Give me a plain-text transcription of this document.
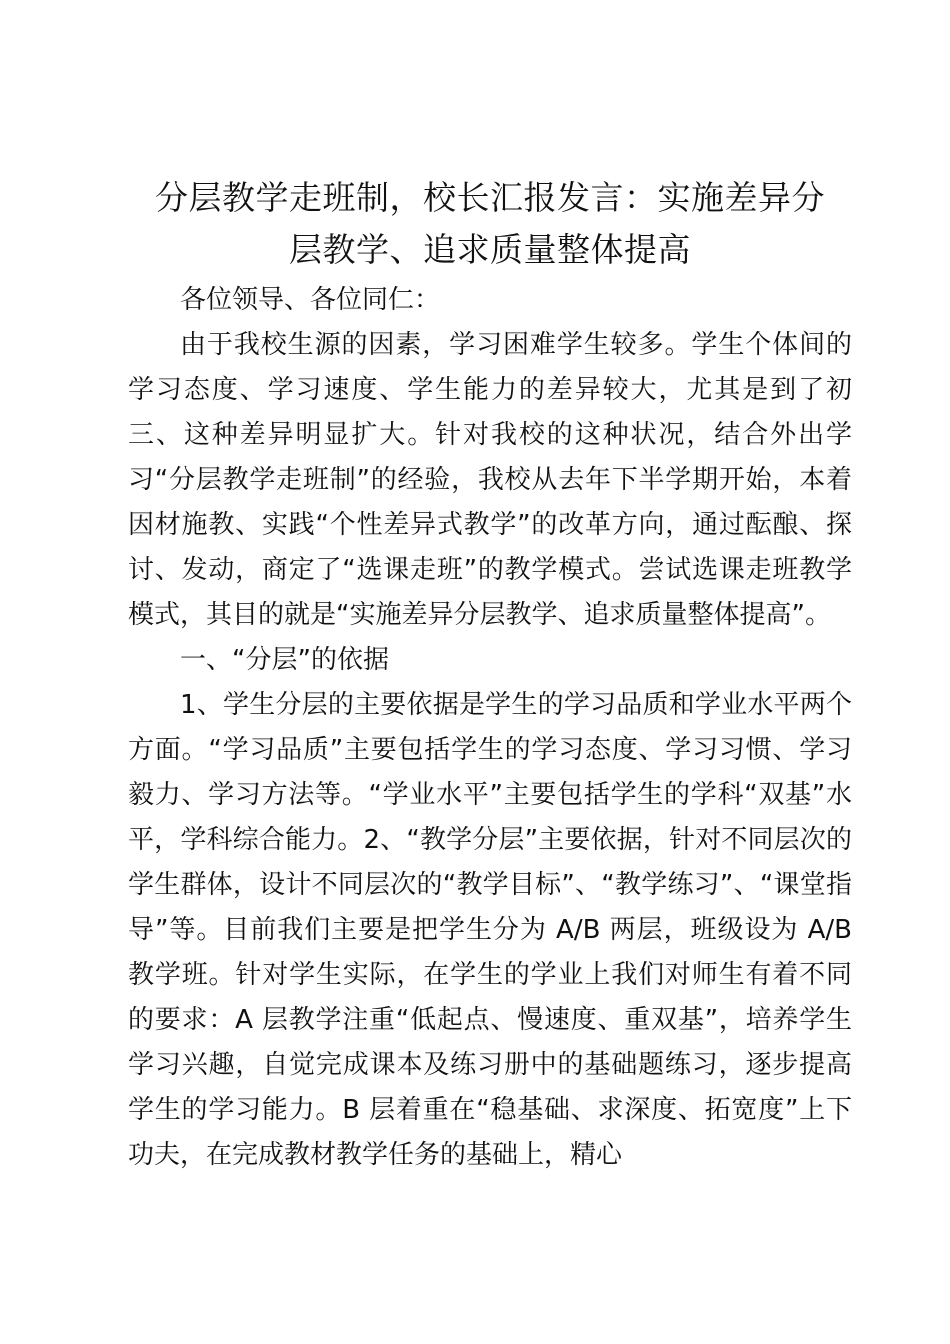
分层教学走班制，校长汇报发言：实施差异分
层教学、追求质量整体提高

各位领导、各位同仁：

由于我校生源的因素，学习困难学生较多。学生个体间的学习态度、学习速度、学生能力的差异较大，尤其是到了初三、这种差异明显扩大。针对我校的这种状况，结合外出学习“分层教学走班制”的经验，我校从去年下半学期开始，本着因材施教、实践“个性差异式教学”的改革方向，通过酝酿、探讨、发动，商定了“选课走班”的教学模式。尝试选课走班教学模式，其目的就是“实施差异分层教学、追求质量整体提高”。

一、“分层”的依据

1、学生分层的主要依据是学生的学习品质和学业水平两个方面。“学习品质”主要包括学生的学习态度、学习习惯、学习毅力、学习方法等。“学业水平”主要包括学生的学科“双基”水平，学科综合能力。2、“教学分层”主要依据，针对不同层次的学生群体，设计不同层次的“教学目标”、“教学练习”、“课堂指导”等。目前我们主要是把学生分为 A/B 两层，班级设为 A/B 教学班。针对学生实际，在学生的学业上我们对师生有着不同的要求：A 层教学注重“低起点、慢速度、重双基”，培养学生学习兴趣，自觉完成课本及练习册中的基础题练习，逐步提高学生的学习能力。B 层着重在“稳基础、求深度、拓宽度”上下功夫，在完成教材教学任务的基础上，精心
